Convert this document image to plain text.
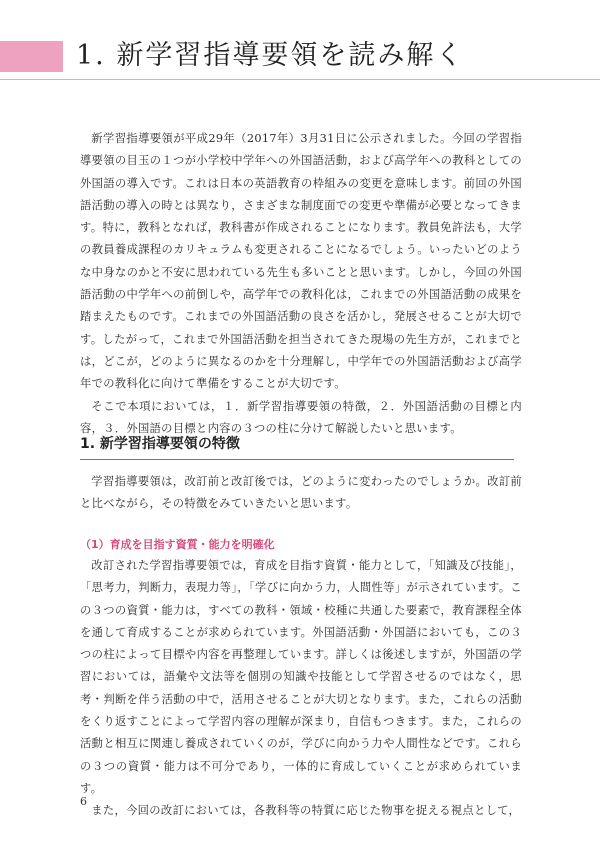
1. 新学習指導要領を読み解く

新学習指導要領が平成29年（2017年）3月31日に公示されました。今回の学習指導要領の目玉の１つが小学校中学年への外国語活動，および高学年への教科としての外国語の導入です。これは日本の英語教育の枠組みの変更を意味します。前回の外国語活動の導入の時とは異なり，さまざまな制度面での変更や準備が必要となってきます。特に，教科となれば，教科書が作成されることになります。教員免許法も，大学の教員養成課程のカリキュラムも変更されることになるでしょう。いったいどのような中身なのかと不安に思われている先生も多いことと思います。しかし，今回の外国語活動の中学年への前倒しや，高学年での教科化は，これまでの外国語活動の成果を踏まえたものです。これまでの外国語活動の良さを活かし，発展させることが大切です。したがって，これまで外国語活動を担当されてきた現場の先生方が，これまでとは，どこが，どのように異なるのかを十分理解し，中学年での外国語活動および高学年での教科化に向けて準備をすることが大切です。

そこで本項においては，１．新学習指導要領の特徴，２．外国語活動の目標と内容，３．外国語の目標と内容の３つの柱に分けて解説したいと思います。

1. 新学習指導要領の特徴

学習指導要領は，改訂前と改訂後では，どのように変わったのでしょうか。改訂前と比べながら，その特徴をみていきたいと思います。

（1）育成を目指す資質・能力を明確化

改訂された学習指導要領では，育成を目指す資質・能力として，「知識及び技能」，「思考力，判断力，表現力等」，「学びに向かう力，人間性等」が示されています。この３つの資質・能力は，すべての教科・領域・校種に共通した要素で，教育課程全体を通して育成することが求められています。外国語活動・外国語においても，この３つの柱によって目標や内容を再整理しています。詳しくは後述しますが，外国語の学習においては，語彙や文法等を個別の知識や技能として学習させるのではなく，思考・判断を伴う活動の中で，活用させることが大切となります。また，これらの活動をくり返すことによって学習内容の理解が深まり，自信もつきます。また，これらの活動と相互に関連し養成されていくのが，学びに向かう力や人間性などです。これらの３つの資質・能力は不可分であり，一体的に育成していくことが求められています。

また，今回の改訂においては，各教科等の特質に応じた物事を捉える視点として，

6
